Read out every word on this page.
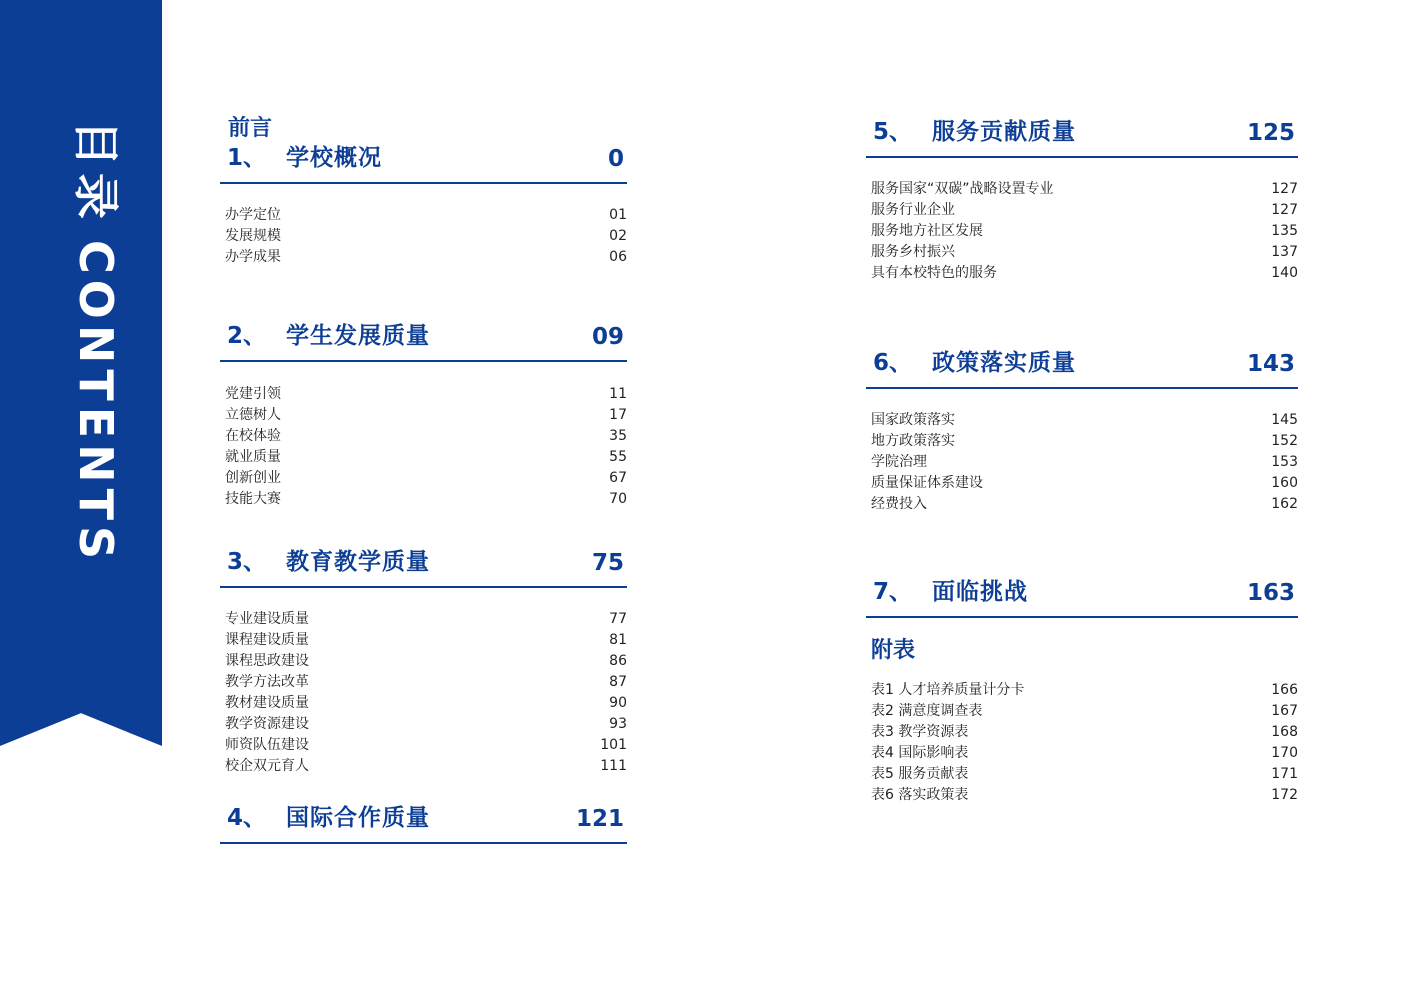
目录CONTENTS
前言
1、 学校概况	0
办学定位	01
发展规模	02
办学成果	06
2、 学生发展质量	09
党建引领	11
立德树人	17
在校体验	35
就业质量	55
创新创业	67
技能大赛	70
3、 教育教学质量	75
专业建设质量	77
课程建设质量	81
课程思政建设	86
教学方法改革	87
教材建设质量	90
教学资源建设	93
师资队伍建设	101
校企双元育人	111
4、 国际合作质量	121
5、 服务贡献质量	125
服务国家“双碳”战略设置专业	127
服务行业企业	127
服务地方社区发展	135
服务乡村振兴	137
具有本校特色的服务	140
6、 政策落实质量	143
国家政策落实	145
地方政策落实	152
学院治理	153
质量保证体系建设	160
经费投入	162
7、 面临挑战	163
附表
表1 人才培养质量计分卡	166
表2 满意度调查表	167
表3 教学资源表	168
表4 国际影响表	170
表5 服务贡献表	171
表6 落实政策表	172
